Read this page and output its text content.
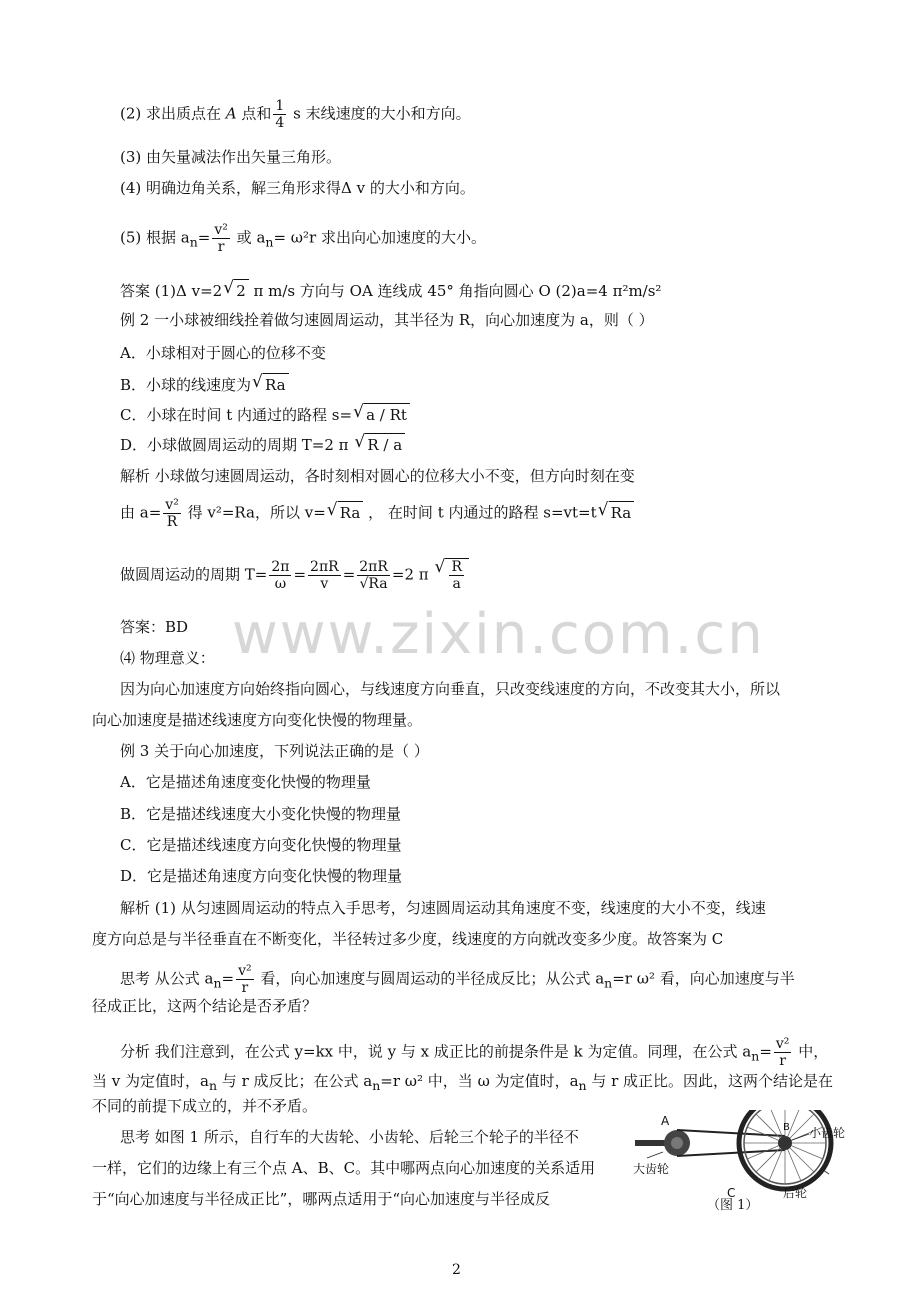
(2) 求出质点在 A 点和 $\frac{1}{4}$ s 末线速度的大小和方向。
(3) 由矢量减法作出矢量三角形。
(4) 明确边角关系，解三角形求得Δ v 的大小和方向。
(5) 根据 $a_n= \frac{\text{v²}}{r}$ 或 $a_n= \omega^2r$ 求出向心加速度的大小。
答案 (1)Δ v=2 √ 2 π m/s 方向与 OA 连线成 45° 角指向圆心 O (2)a=4 π²m/s²
例 2 一小球被细线拴着做匀速圆周运动，其半径为 R，向心加速度为 a，则（ ）
A．小球相对于圆心的位移不变
B．小球的线速度为 √ Ra
C．小球在时间 t 内通过的路程 s= √ a / Rt
D．小球做圆周运动的周期 T=2 π √ R / a
解析 小球做匀速圆周运动，各时刻相对圆心的位移大小不变，但方向时刻在变
由 $a= \frac{\text{v²}}{R}$ 得 v²=Ra，所以 v= √ Ra ， 在时间 t 内通过的路程 s=vt=t √ Ra
做圆周运动的周期 $T= \frac{2\pi}{\omega} = \frac{2\pi R}{v} = \frac{2\pi R}{√Ra} =2$ π √ $\frac{R}{a}$
答案：BD
⑷ 物理意义：
因为向心加速度方向始终指向圆心，与线速度方向垂直，只改变线速度的方向，不改变其大小，所以
向心加速度是描述线速度方向变化快慢的物理量。
例 3 关于向心加速度，下列说法正确的是（ ）
A．它是描述角速度变化快慢的物理量
B．它是描述线速度大小变化快慢的物理量
C．它是描述线速度方向变化快慢的物理量
D．它是描述角速度方向变化快慢的物理量
解析 (1) 从匀速圆周运动的特点入手思考，匀速圆周运动其角速度不变，线速度的大小不变，线速
度方向总是与半径垂直在不断变化，半径转过多少度，线速度的方向就改变多少度。故答案为 C
思考 从公式 $a_n= \frac{\text{v²}}{r}$ 看，向心加速度与圆周运动的半径成反比；从公式 $a_n=r$ ω² 看，向心加速度与半
径成正比，这两个结论是否矛盾？
分析 我们注意到，在公式 y=kx 中，说 y 与 x 成正比的前提条件是 k 为定值。同理，在公式 $a_n= \frac{\text{v²}}{r}$ 中，
当 v 为定值时，$a_n$ 与 r 成反比；在公式 $a_n=r$ ω² 中，当 ω 为定值时，$a_n$ 与 r 成正比。因此，这两个结论是在
不同的前提下成立的，并不矛盾。
思考 如图 1 所示，自行车的大齿轮、小齿轮、后轮三个轮子的半径不
一样，它们的边缘上有三个点 A、B、C。其中哪两点向心加速度的关系适用
于“向心加速度与半径成正比”，哪两点适用于“向心加速度与半径成反
A	B
C
大齿轮
小齿轮
后轮
（图 1）
www.zixin.com.cn
2
